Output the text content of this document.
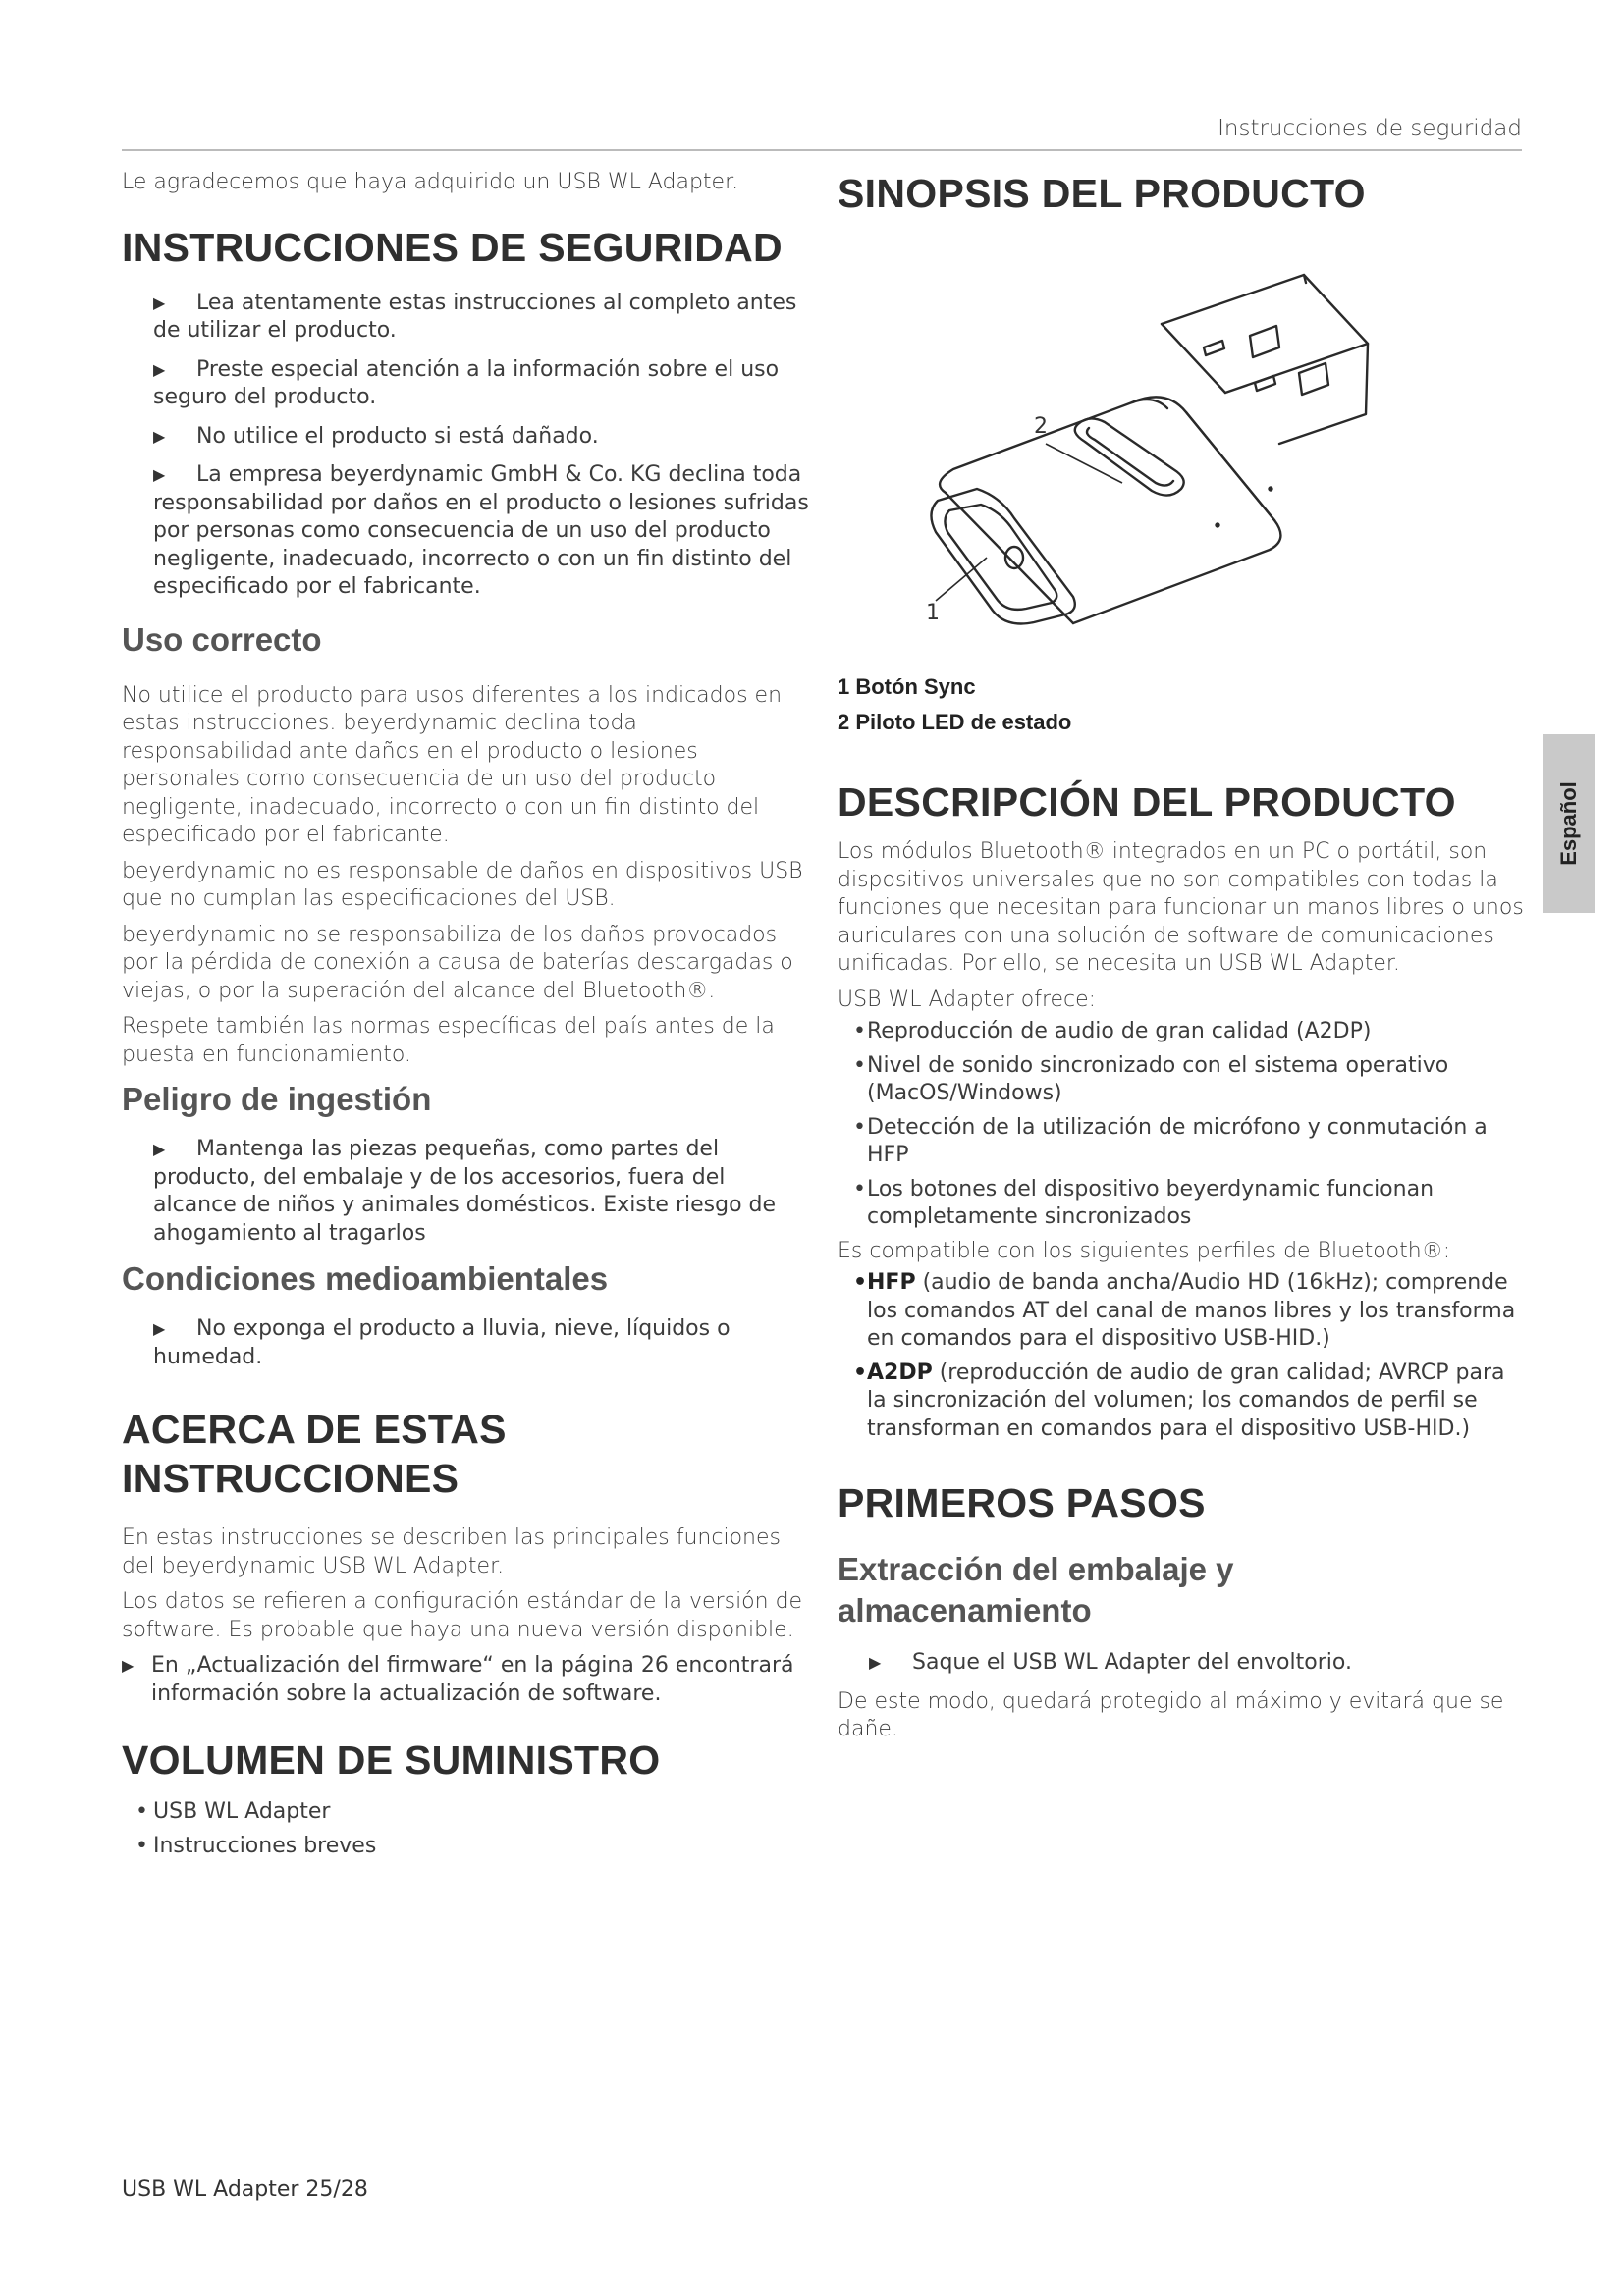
Instrucciones de seguridad

Le agradecemos que haya adquirido un USB WL Adapter.

INSTRUCCIONES DE SEGURIDAD
▶ Lea atentamente estas instrucciones al completo antes de utilizar el producto.
▶ Preste especial atención a la información sobre el uso seguro del producto.
▶ No utilice el producto si está dañado.
▶ La empresa beyerdynamic GmbH & Co. KG declina toda responsabilidad por daños en el producto o lesiones sufridas por personas como consecuencia de un uso del producto negligente, inadecuado, incorrecto o con un fin distinto del especificado por el fabricante.
Uso correcto

No utilice el producto para usos diferentes a los indicados en estas instrucciones. beyerdynamic declina toda responsabilidad ante daños en el producto o lesiones personales como consecuencia de un uso del producto negligente, inadecuado, incorrecto o con un fin distinto del especificado por el fabricante.

beyerdynamic no es responsable de daños en dispositivos USB que no cumplan las especificaciones del USB.

beyerdynamic no se responsabiliza de los daños provocados por la pérdida de conexión a causa de baterías descargadas o viejas, o por la superación del alcance del Bluetooth®.

Respete también las normas específicas del país antes de la puesta en funcionamiento.

Peligro de ingestión
▶ Mantenga las piezas pequeñas, como partes del producto, del embalaje y de los accesorios, fuera del alcance de niños y animales domésticos. Existe riesgo de ahogamiento al tragarlos
Condiciones medioambientales
▶ No exponga el producto a lluvia, nieve, líquidos o humedad.
ACERCA DE ESTAS
INSTRUCCIONES

En estas instrucciones se describen las principales funciones del beyerdynamic USB WL Adapter.

Los datos se refieren a configuración estándar de la versión de software. Es probable que haya una nueva versión disponible.

▶ En „Actualización del firmware“ en la página 26 encontrará información sobre la actualización de software.
VOLUMEN DE SUMINISTRO
• USB WL Adapter
• Instrucciones breves
SINOPSIS DEL PRODUCTO
2
1
1 Botón Sync
2 Piloto LED de estado
DESCRIPCIÓN DEL PRODUCTO

Los módulos Bluetooth® integrados en un PC o portátil, son dispositivos universales que no son compatibles con todas la funciones que necesitan para funcionar un manos libres o unos auriculares con una solución de software de comunicaciones unificadas. Por ello, se necesita un USB WL Adapter.

USB WL Adapter ofrece:

• Reproducción de audio de gran calidad (A2DP)
• Nivel de sonido sincronizado con el sistema operativo (MacOS/Windows)
• Detección de la utilización de micrófono y conmutación a HFP
• Los botones del dispositivo beyerdynamic funcionan completamente sincronizados

Es compatible con los siguientes perfiles de Bluetooth®:

• HFP (audio de banda ancha/Audio HD (16kHz); comprende los comandos AT del canal de manos libres y los transforma en comandos para el dispositivo USB-HID.)
• A2DP (reproducción de audio de gran calidad; AVRCP para la sincronización del volumen; los comandos de perfil se transforman en comandos para el dispositivo USB-HID.)
PRIMEROS PASOS
Extracción del embalaje y
almacenamiento
▶ Saque el USB WL Adapter del envoltorio.

De este modo, quedará protegido al máximo y evitará que se dañe.

Español
USB WL Adapter 25/28
